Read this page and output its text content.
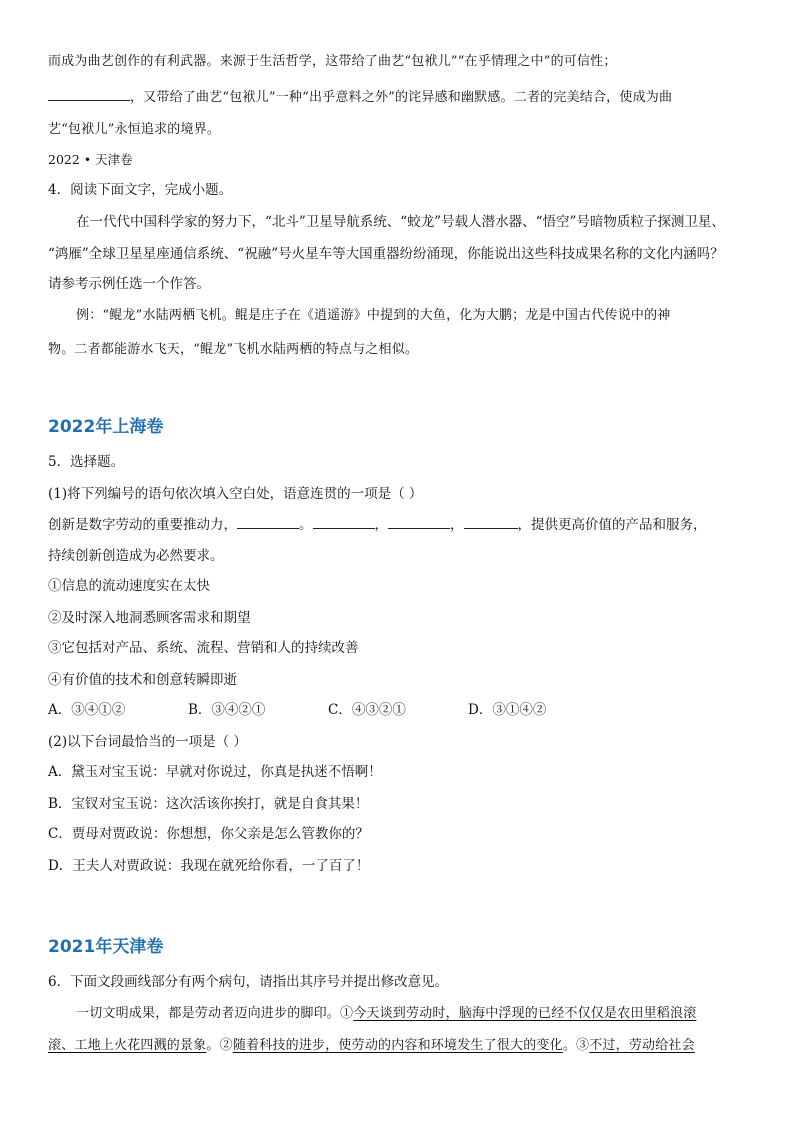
而成为曲艺创作的有利武器。来源于生活哲学，这带给了曲艺“包袱儿”“在乎情理之中”的可信性；
，又带给了曲艺“包袱儿”一种“出乎意料之外”的诧异感和幽默感。二者的完美结合，使成为曲
艺“包袱儿”永恒追求的境界。
2022 • 天津卷
4．阅读下面文字，完成小题。
在一代代中国科学家的努力下，“北斗”卫星导航系统、“蛟龙”号载人潜水器、“悟空”号暗物质粒子探测卫星、
“鸿雁”全球卫星星座通信系统、“祝融”号火星车等大国重器纷纷涌现，你能说出这些科技成果名称的文化内涵吗？
请参考示例任选一个作答。
例：“鲲龙”水陆两栖飞机。鲲是庄子在《逍遥游》中提到的大鱼，化为大鹏；龙是中国古代传说中的神
物。二者都能游水飞天，“鲲龙”飞机水陆两栖的特点与之相似。
2022年上海卷
5．选择题。
(1)将下列编号的语句依次填入空白处，语意连贯的一项是（ ）
创新是数字劳动的重要推动力，	。	，	，	，提供更高价值的产品和服务，
持续创新创造成为必然要求。
①信息的流动速度实在太快
②及时深入地洞悉顾客需求和期望
③它包括对产品、系统、流程、营销和人的持续改善
④有价值的技术和创意转瞬即逝
A．③④①②	B．③④②①	C．④③②①	D．③①④②
(2)以下台词最恰当的一项是（ ）
A．黛玉对宝玉说：早就对你说过，你真是执迷不悟啊！
B．宝钗对宝玉说：这次活该你挨打，就是自食其果！
C．贾母对贾政说：你想想，你父亲是怎么管教你的？
D．王夫人对贾政说：我现在就死给你看，一了百了！
2021年天津卷
6．下面文段画线部分有两个病句，请指出其序号并提出修改意见。
一切文明成果，都是劳动者迈向进步的脚印。①今天谈到劳动时，脑海中浮现的已经不仅仅是农田里稻浪滚
滚、工地上火花四溅的景象。②随着科技的进步，使劳动的内容和环境发生了很大的变化。③不过，劳动给社会
